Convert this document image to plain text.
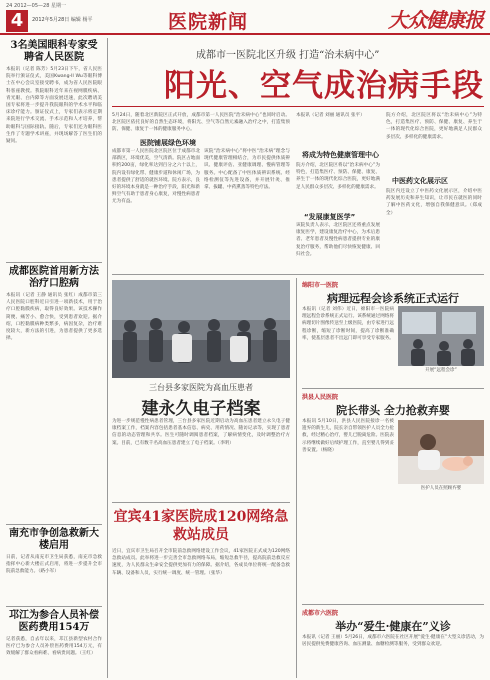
24 2012—05—28 星期一
4	2012年5月28日 编辑 杨平	医院新闻	大众健康报
3名美国眼科专家受聘省人民医院
本报讯（记者 陈芳）5月23日下午，省人民医院举行颁证仪式，美国Kwang-Il Wu等眼科博士在中心会议室接受聘书，成为省人民医院眼科客座教授。我院眼科近年来在视网膜疾病、青光眼、白内障等方面发展迅速，此次聘请美国专家将进一步提升我院眼科的学术水平和临床诊疗能力。颁证仪式上，专家们表示将定期来院进行学术交流、手术示范和人才培养，帮助眼科与国际接轨。随后，专家们还为眼科医生作了专题学术讲座，并现场解答了医生们的疑问。
成都医院首用新方法治疗口腔病
本报讯（记者 王静 通讯员 张红）成都市第三人民医院口腔科近日引进一项新技术，用于治疗口腔黏膜疾病，取得良好效果。该技术操作简便、痛苦小、愈合快，受到患者欢迎。据介绍，口腔黏膜病种类繁多，病因复杂，治疗难度较大，新方法的引进，为患者提供了更多选择。
南充市争创急救新大楼启用
日前，记者从南充市卫生局获悉，南充市急救指挥中心新大楼正式启用，将进一步提升全市院前急救能力。（路小军）
邛江为参合人员补偿医药费用154万
记者获悉，自去年以来，邛江县新型农村合作医疗已为参合人员补偿医药费用154万元，有效缓解了群众看病难、看病贵问题。（王红）
成都市一医院北区升级 打造“治未病中心”
阳光、空气成治病手段
5月24日，随着北区新院区正式开放，成都市第一人民医院“治未病中心”也同时启动。北区院区依托良好的自然生态环境，将阳光、空气等自然元素融入治疗之中，打造集预防、保健、康复于一体的健康服务中心。
医院铺展绿色环境
成都市第一人民医院北区院区位于成都市北部新区，环境优美，空气清新。院区占地面积约200亩，绿化率达到百分之六十以上，院内设有绿化带、健康步道和休闲广场，为患者提供了舒适的就医环境。院方表示，良好的环境本身就是一种治疗手段，阳光和新鲜空气有助于患者身心康复，对慢性病患者尤为有益。
该院“治未病中心”将中医“治未病”理念与现代健康管理相结合，为市民提供体质辨识、健康评估、亚健康调理、慢病管理等服务。中心配备了中医体质辨识系统、经络检测仪等先进设备，并开展针灸、推拿、拔罐、中药熏蒸等特色疗法。
本报讯（记者 刘丽 通讯员 张平）
将成为特色健康管理中心
院方介绍，北区院区将以“治未病中心”为特色，打造集医疗、预防、保健、康复、养生于一体的现代化综合医院，更好地满足人民群众多层次、多样化的健康需求。
“发展康复医学”
该院负责人表示，北区院区还将重点发展康复医学，建设康复治疗中心，为术后患者、老年患者及慢性病患者提供专业的康复治疗服务，帮助他们尽快恢复健康、回归社会。
院方介绍，北区院区将以“治未病中心”为特色，打造集医疗、预防、保健、康复、养生于一体的现代化综合医院，更好地满足人民群众多层次、多样化的健康需求。
中医药文化展示区
院区内还设立了中医药文化展示区，介绍中医药发展历史和养生知识，让市民在就医的同时了解中医药文化，增强自我保健意识。（郑成全）
三台县多家医院为高血压患者
建永久电子档案
为进一步规范慢性病患者管理，三台县多家医院近期启动为高血压患者建立永久电子健康档案工作，档案内容包括患者基本信息、病史、用药情况、随访记录等，实现了患者信息的动态管理和共享。医生可随时调阅患者档案，了解病情变化，及时调整治疗方案。目前，已有数千名高血压患者建立了电子档案。（李明）
宜宾41家医院成120网络急救站成员
近日，宜宾市卫生局召开全市院前急救网络建设工作会议，41家医院正式成为120网络急救站成员。此举将进一步完善全市急救网络布局，缩短急救半径，提高院前急救反应速度，为人民群众生命安全提供更加有力的保障。据介绍，各成员单位将统一配备急救车辆、设备和人员，实行统一调度、统一管理。（张华）
绵阳市一医院
病理远程会诊系统正式运行
本报讯（记者 刘伟）近日，绵阳市一医院病理远程会诊系统正式运行。该系统通过网络将病理切片图像传送至上级医院，由专家进行远程诊断，缩短了诊断时间，提高了诊断准确率，使基层患者不出远门即可享受专家服务。
开展“远程会诊”
洪县人民医院
院长带头 全力抢救弃婴
本报讯 5月10日，洪县人民医院接诊一名被遗弃的新生儿，院长亲自带领医护人员全力抢救，经过精心治疗，婴儿已脱离危险。医院表示将继续做好后续护理工作，直至婴儿得到妥善安置。（杨晓）
医护人员在照顾弃婴
成都市六医院
举办“爱生·健康在”义诊
本报讯（记者 王丽）5月26日，成都市六医院在社区开展“爱生·健康在”大型义诊活动，为居民提供免费健康咨询、血压测量、血糖检测等服务，受到群众欢迎。
